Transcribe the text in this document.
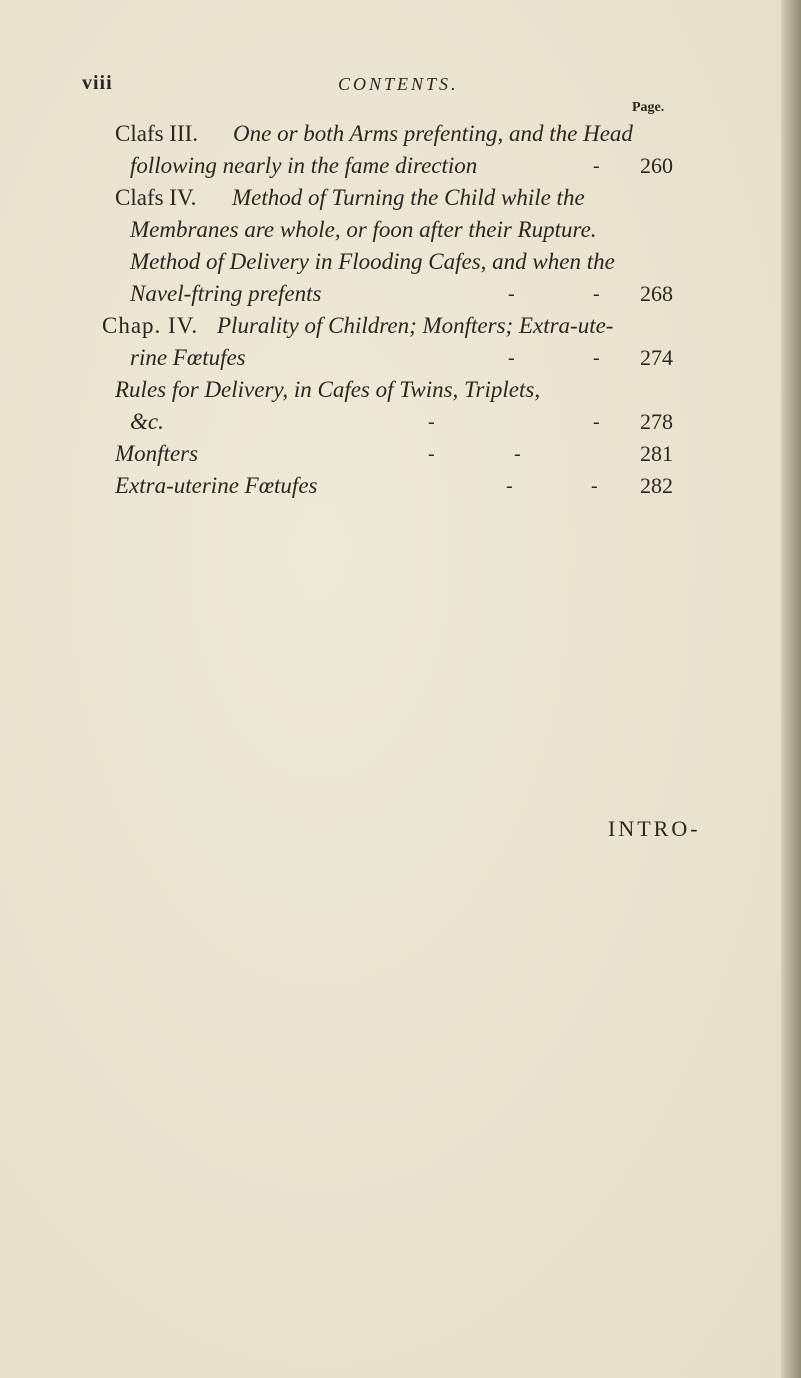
viii	CONTENTS.
Page.
Clafs III. One or both Arms prefenting, and the Head
following nearly in the fame direction	- 260
Clafs IV. Method of Turning the Child while the
Membranes are whole, or foon after their Rupture.
Method of Delivery in Flooding Cafes, and when the
Navel-ftring prefents	-	- 268
Chap. IV. Plurality of Children; Monfters; Extra-ute-
rine Fœtufes	-	- 274
Rules for Delivery, in Cafes of Twins, Triplets,
&c.	-	- 278
Monfters	-	-	281
Extra-uterine Fœtufes	-	- 282
INTRO-
